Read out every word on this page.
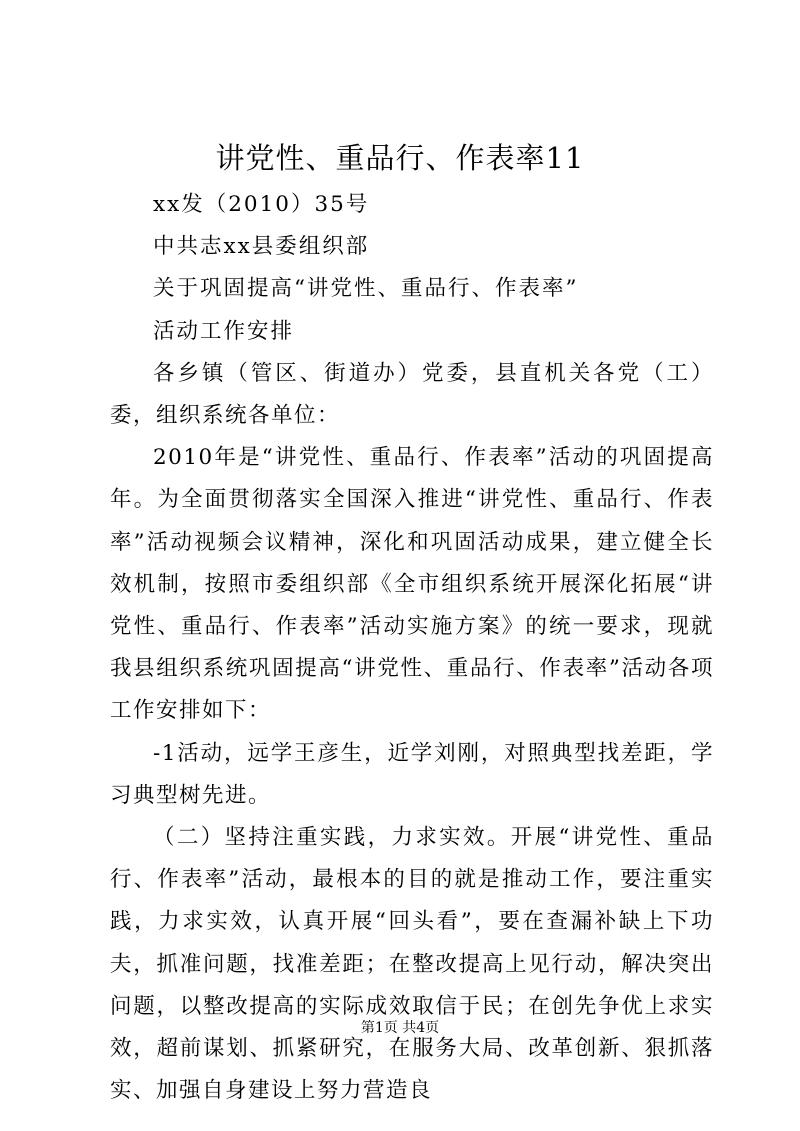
讲党性、重品行、作表率11

xx发（2010）35号

中共志xx县委组织部

关于巩固提高“讲党性、重品行、作表率”

活动工作安排

各乡镇（管区、街道办）党委，县直机关各党（工）委，组织系统各单位：

2010年是“讲党性、重品行、作表率”活动的巩固提高年。为全面贯彻落实全国深入推进“讲党性、重品行、作表率”活动视频会议精神，深化和巩固活动成果，建立健全长效机制，按照市委组织部《全市组织系统开展深化拓展“讲党性、重品行、作表率”活动实施方案》的统一要求，现就我县组织系统巩固提高“讲党性、重品行、作表率”活动各项工作安排如下：

-1活动，远学王彦生，近学刘刚，对照典型找差距，学习典型树先进。

（二）坚持注重实践，力求实效。开展“讲党性、重品行、作表率”活动，最根本的目的就是推动工作，要注重实践，力求实效，认真开展“回头看”，要在查漏补缺上下功夫，抓准问题，找准差距；在整改提高上见行动，解决突出问题，以整改提高的实际成效取信于民；在创先争优上求实效，超前谋划、抓紧研究，在服务大局、改革创新、狠抓落实、加强自身建设上努力营造良

第1页 共4页
